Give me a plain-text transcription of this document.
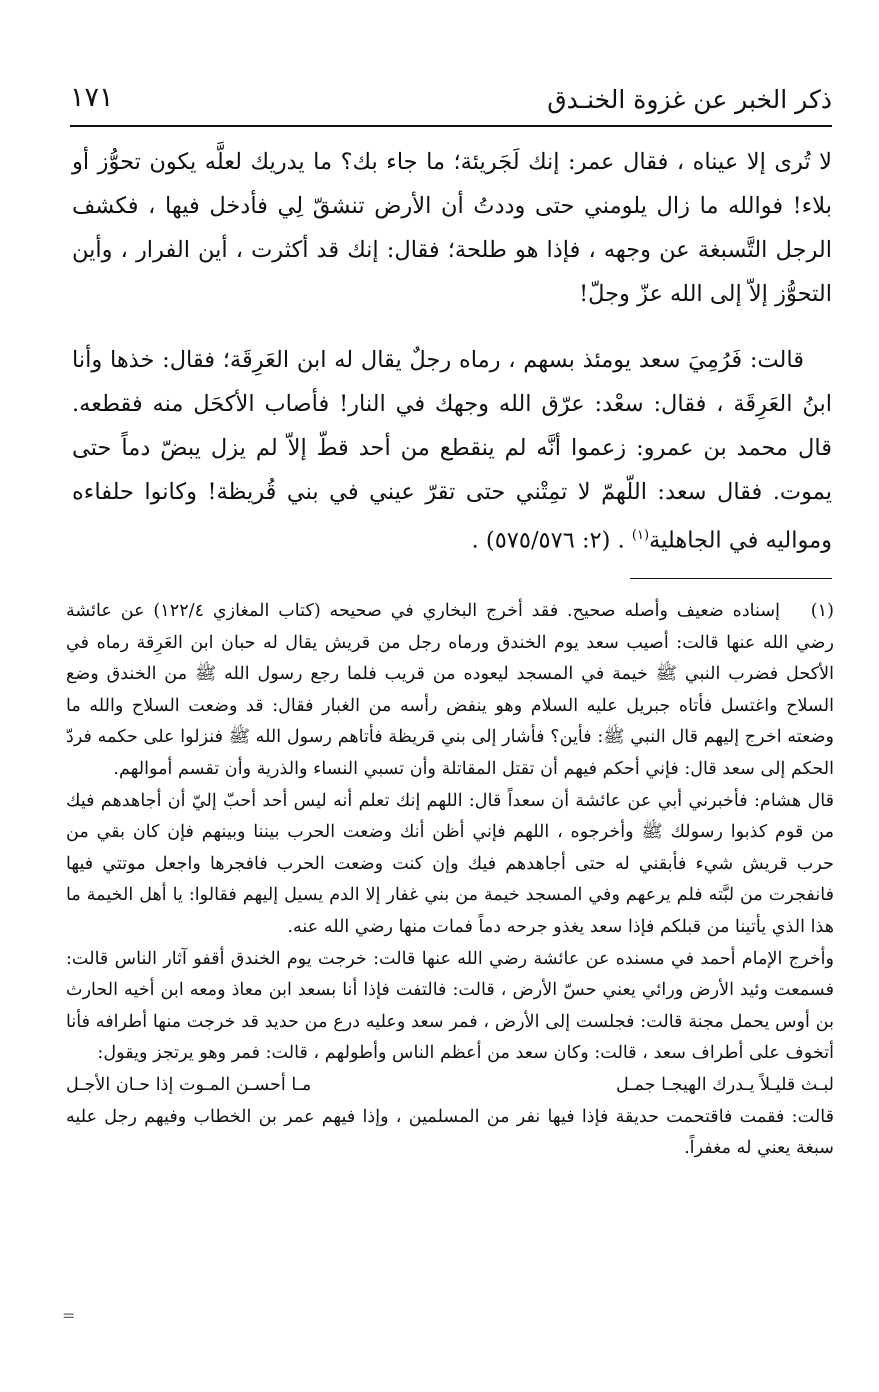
ذكر الخبر عن غزوة الخنـدق
١٧١

لا تُرى إلا عيناه ، فقال عمر: إنك لَجَريئة؛ ما جاء بك؟ ما يدريك لعلَّه يكون تحوُّز أو بلاء! فوالله ما زال يلومني حتى وددتُ أن الأرض تنشقّ لِي فأدخل فيها ، فكشف الرجل التَّسبغة عن وجهه ، فإذا هو طلحة؛ فقال: إنك قد أكثرت ، أين الفرار ، وأين التحوُّز إلاّ إلى الله عزّ وجلّ!

قالت: فَرُمِيَ سعد يومئذ بسهم ، رماه رجلٌ يقال له ابن العَرِقَة؛ فقال: خذها وأنا ابنُ العَرِقَة ، فقال: سعْد: عرّق الله وجهك في النار! فأصاب الأكحَل منه فقطعه. قال محمد بن عمرو: زعموا أنَّه لم ينقطع من أحد قطّ إلاّ لم يزل يبضّ دماً حتى يموت. فقال سعد: اللّهمّ لا تمِتْني حتى تقرّ عيني في بني قُريظة! وكانوا حلفاءه ومواليه في الجاهلية$^{(١)}$ . (٢: ٥٧٥/٥٧٦) .

(١)إسناده ضعيف وأصله صحيح. فقد أخرج البخاري في صحيحه (كتاب المغازي ١٢٢/٤) عن عائشة رضي الله عنها قالت: أصيب سعد يوم الخندق ورماه رجل من قريش يقال له حبان ابن العَرِقة رماه في الأكحل فضرب النبي ﷺ خيمة في المسجد ليعوده من قريب فلما رجع رسول الله ﷺ من الخندق وضع السلاح واغتسل فأتاه جبريل عليه السلام وهو ينفض رأسه من الغبار فقال: قد وضعت السلاح والله ما وضعته اخرج إليهم قال النبي ﷺ: فأين؟ فأشار إلى بني قريظة فأتاهم رسول الله ﷺ فنزلوا على حكمه فردّ الحكم إلى سعد قال: فإني أحكم فيهم أن تقتل المقاتلة وأن تسبي النساء والذرية وأن تقسم أموالهم.

قال هشام: فأخبرني أبي عن عائشة أن سعداً قال: اللهم إنك تعلم أنه ليس أحد أحبّ إليّ أن أجاهدهم فيك من قوم كذبوا رسولك ﷺ وأخرجوه ، اللهم فإني أظن أنك وضعت الحرب بيننا وبينهم فإن كان بقي من حرب قريش شيء فأبقني له حتى أجاهدهم فيك وإن كنت وضعت الحرب فافجرها واجعل موتتي فيها فانفجرت من لبَّته فلم يرعهم وفي المسجد خيمة من بني غفار إلا الدم يسيل إليهم فقالوا: يا أهل الخيمة ما هذا الذي يأتينا من قبلكم فإذا سعد يغذو جرحه دماً فمات منها رضي الله عنه.

وأخرج الإمام أحمد في مسنده عن عائشة رضي الله عنها قالت: خرجت يوم الخندق أقفو آثار الناس قالت: فسمعت وئيد الأرض ورائي يعني حسّ الأرض ، قالت: فالتفت فإذا أنا بسعد ابن معاذ ومعه ابن أخيه الحارث بن أوس يحمل مجنة قالت: فجلست إلى الأرض ، فمر سعد وعليه درع من حديد قد خرجت منها أطرافه فأنا أتخوف على أطراف سعد ، قالت: وكان سعد من أعظم الناس وأطولهم ، قالت: فمر وهو يرتجز ويقول:

لبـث قليـلاً يـدرك الهيجـا جمـل
مـا أحسـن المـوت إذا حـان الأجـل

قالت: فقمت فاقتحمت حديقة فإذا فيها نفر من المسلمين ، وإذا فيهم عمر بن الخطاب وفيهم رجل عليه سبغة يعني له مغفراً.

=
